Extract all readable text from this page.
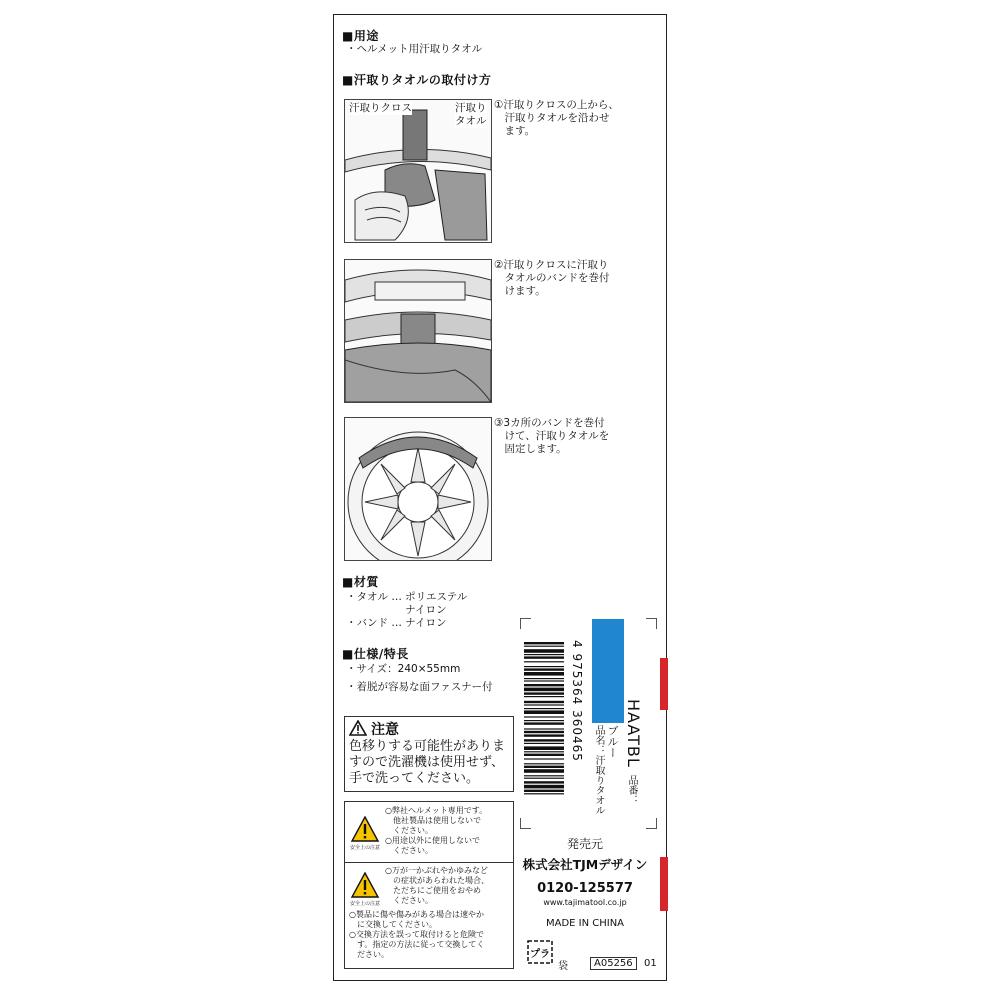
■用途
・ヘルメット用汗取りタオル
■汗取りタオルの取付け方
汗取りクロス	汗取り
タオル
①汗取りクロスの上から、
　汗取りタオルを沿わせ
　ます。
②汗取りクロスに汗取り
　タオルのバンドを巻付
　けます。
③3カ所のバンドを巻付
　けて、汗取りタオルを
　固定します。
■材質
・タオル … ポリエステル
　　　　　  ナイロン
・バンド … ナイロン
■仕様/特長
・サイズ：240×55mm
・着脱が容易な面ファスナー付
注意
色移りする可能性がありま
すので洗濯機は使用せず、
手で洗ってください。
安全上の注意
○弊社ヘルメット専用です。
　他社製品は使用しないで
　ください。
○用途以外に使用しないで
　ください。
安全上の注意
○万が一かぶれやかゆみなど
　の症状があらわれた場合、
　ただちにご使用をおやめ
　ください。
○製品に傷や傷みがある場合は速やか
　に交換してください。
○交換方法を誤って取付けると危険で
　す。指定の方法に従って交換してく
　ださい。
4 975364 360465
品名：汗取りタオル ブルー
品番：
HAATBL
発売元
株式会社TJMデザイン
0120-125577
www.tajimatool.co.jp
MADE IN CHINA
プラ
袋	A05256	01
